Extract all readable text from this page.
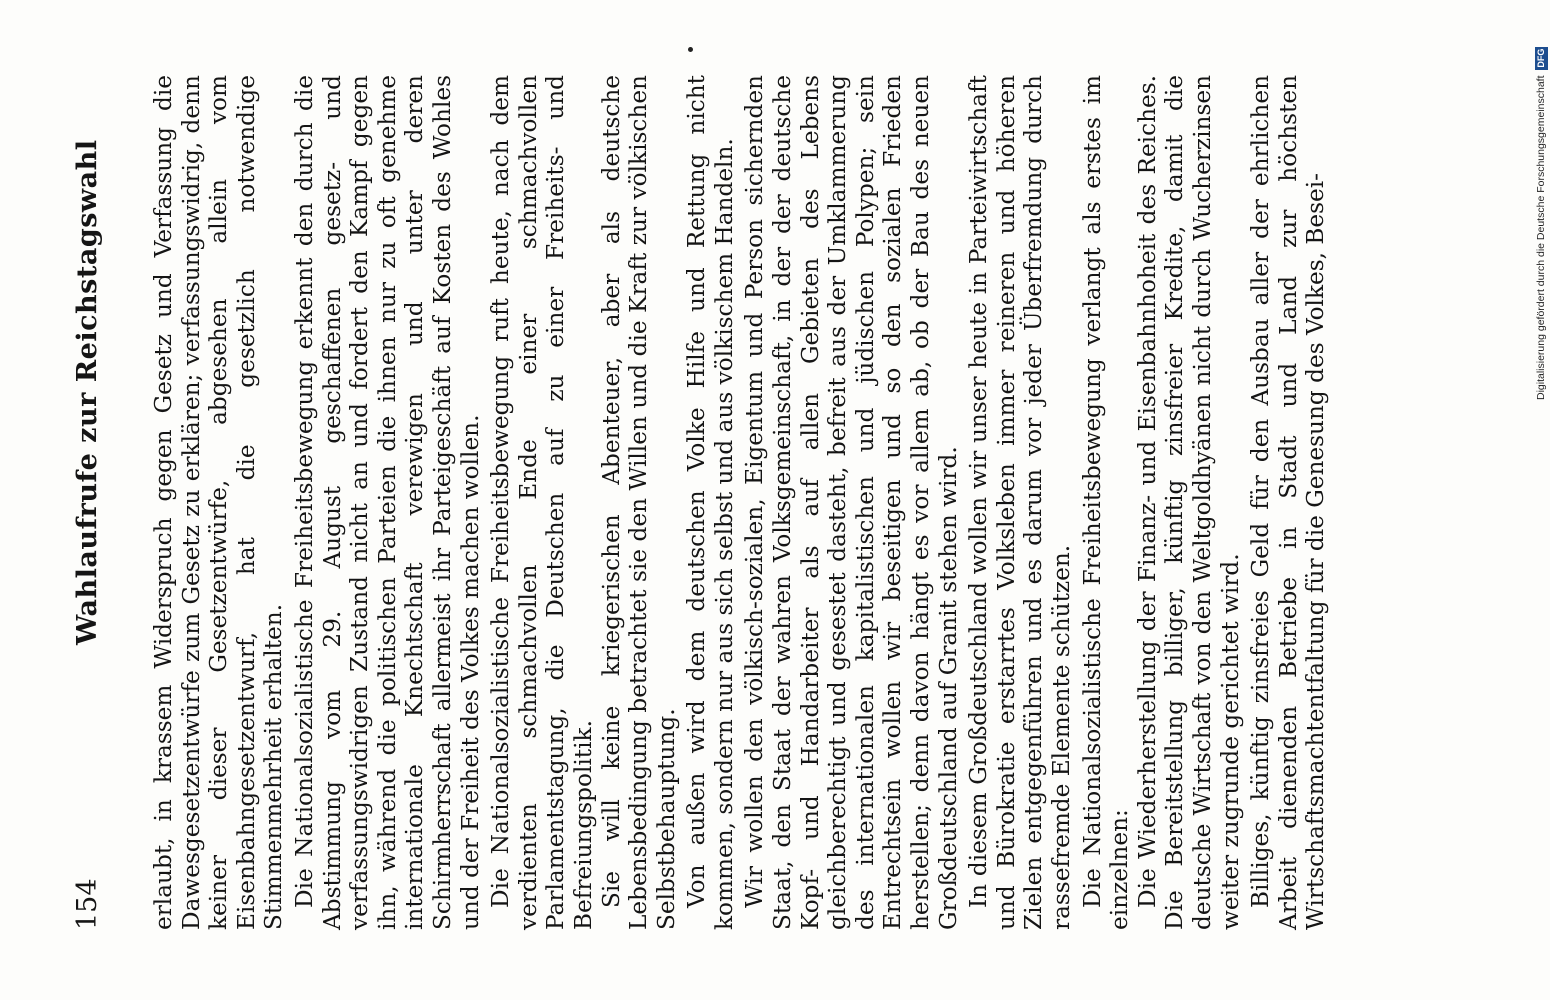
154
Wahlaufrufe zur Reichstagswahl erlaubt, in krassem Widerspruch gegen Gesetz und Verfassung die Dawesgesetzentwürfe zum Gesetz zu erklären; verfassungswidrig, denn keiner dieser Gesetzentwürfe, abgesehen allein vom Eisenbahngesetzentwurf, hat die gesetzlich notwendige Stimmenmehrheit erhalten. Die Nationalsozialistische Freiheitsbewegung erkennt den durch die Abstimmung vom 29. August geschaffenen gesetz- und verfassungswidrigen Zustand nicht an und fordert den Kampf gegen ihn, während die politischen Parteien die ihnen nur zu oft genehme internationale Knechtschaft verewigen und unter deren Schirmherrschaft allermeist ihr Parteigeschäft auf Kosten des Wohles und der Freiheit des Volkes machen wollen. Die Nationalsozialistische Freiheitsbewegung ruft heute, nach dem verdienten schmachvollen Ende einer schmachvollen Parlamentstagung, die Deutschen auf zu einer Freiheits- und Befreiungspolitik. Sie will keine kriegerischen Abenteuer, aber als deutsche Lebensbedingung betrachtet sie den Willen und die Kraft zur völkischen Selbstbehauptung. Von außen wird dem deutschen Volke Hilfe und Rettung nicht kommen, sondern nur aus sich selbst und aus völkischem Handeln. Wir wollen den völkisch-sozialen, Eigentum und Person sichernden Staat, den Staat der wahren Volksgemeinschaft, in der der deutsche Kopf- und Handarbeiter als auf allen Gebieten des Lebens gleichberechtigt und gesestet dasteht, befreit aus der Umklammerung des internationalen kapitalistischen und jüdischen Polypen; sein Entrechtsein wollen wir beseitigen und so den sozialen Frieden herstellen; denn davon hängt es vor allem ab, ob der Bau des neuen Großdeutschland auf Granit stehen wird. In diesem Großdeutschland wollen wir unser heute in Parteiwirtschaft und Bürokratie erstarrtes Volksleben immer reineren und höheren Zielen entgegenführen und es darum vor jeder Überfremdung durch rassefremde Elemente schützen. Die Nationalsozialistische Freiheitsbewegung verlangt als erstes im einzelnen: Die Wiederherstellung der Finanz- und Eisenbahnhoheit des Reiches. Die Bereitstellung billiger, künftig zinsfreier Kredite, damit die deutsche Wirtschaft von den Weltgoldhyänen nicht durch Wucherzinsen weiter zugrunde gerichtet wird. Billiges, künftig zinsfreies Geld für den Ausbau aller der ehrlichen Arbeit dienenden Betriebe in Stadt und Land zur höchsten Wirtschaftsmachtentfaltung für die Genesung des Volkes, Besei-	Digitalisierung gefördert durch die Deutsche Forschungsgemeinschaft DFG
